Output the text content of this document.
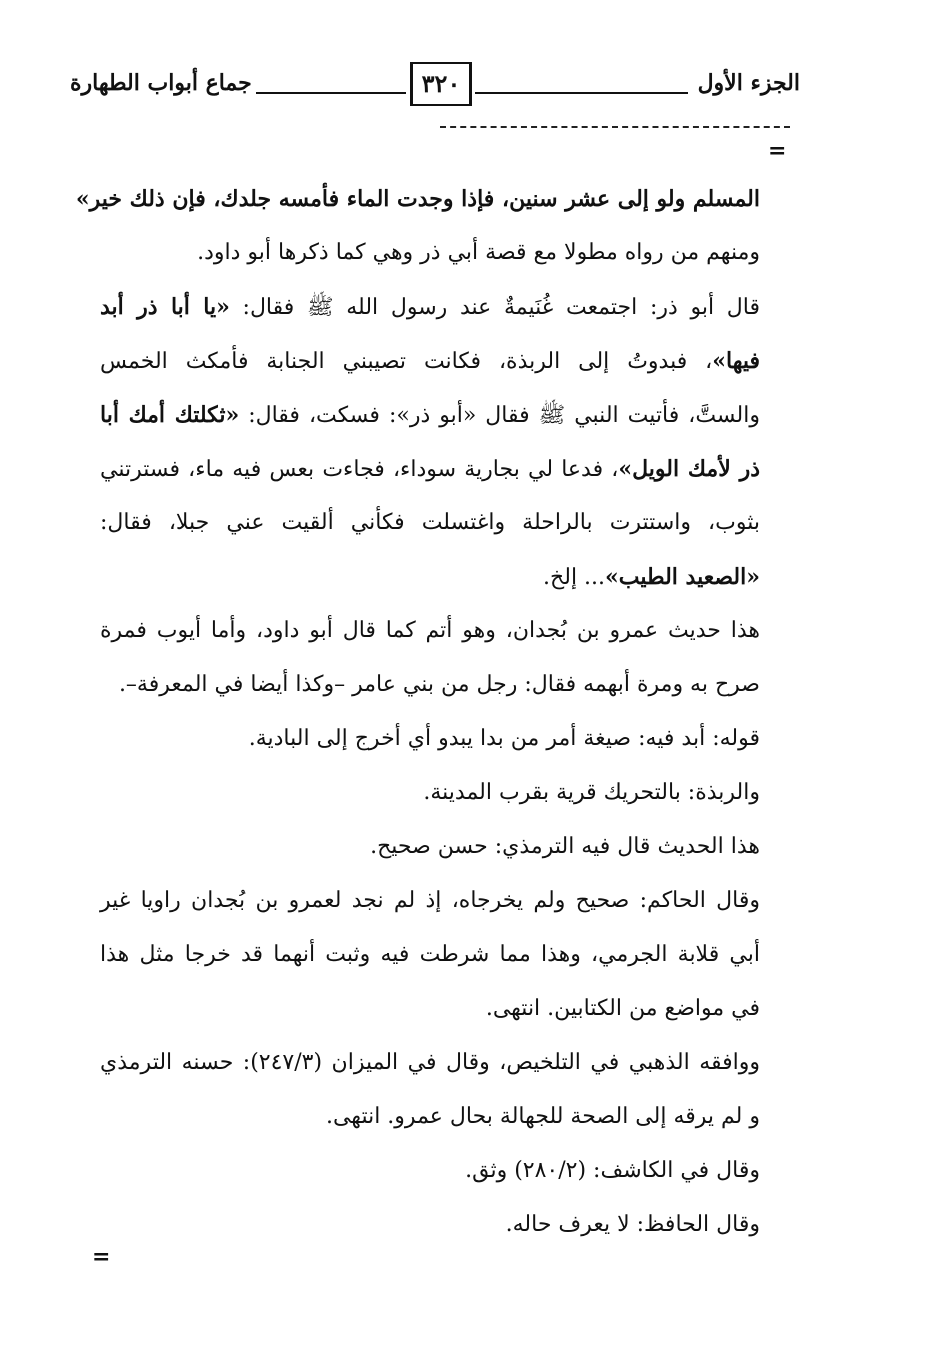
الجزء الأول
٣٢٠
جماع أبواب الطهارة
=
المسلم ولو إلى عشر سنين، فإذا وجدت الماء فأمسه جلدك، فإن ذلك خير»
ومنهم من رواه مطولا مع قصة أبي ذر وهي كما ذكرها أبو داود.
قال أبو ذر: اجتمعت غُنَيمةٌ عند رسول الله ﷺ فقال: «يا أبا ذر أبد
فيها»، فبدوتُ إلى الربذة، فكانت تصيبني الجنابة فأمكث الخمس
والستَّ، فأتيت النبي ﷺ فقال «أبو ذر»: فسكت، فقال: «ثكلتك أمك أبا
ذر لأمك الويل»، فدعا لي بجارية سوداء، فجاءت بعس فيه ماء، فسترتني
بثوب، واستترت بالراحلة واغتسلت فكأني ألقيت عني جبلا، فقال:
«الصعيد الطيب»... إلخ.
هذا حديث عمرو بن بُجدان، وهو أتم كما قال أبو داود، وأما أيوب فمرة
صرح به ومرة أبهمه فقال: رجل من بني عامر –وكذا أيضا في المعرفة–.
قوله: أبد فيه: صيغة أمر من بدا يبدو أي أخرج إلى البادية.
والربذة: بالتحريك قرية بقرب المدينة.
هذا الحديث قال فيه الترمذي: حسن صحيح.
وقال الحاكم: صحيح ولم يخرجاه، إذ لم نجد لعمرو بن بُجدان راويا غير
أبي قلابة الجرمي، وهذا مما شرطت فيه وثبت أنهما قد خرجا مثل هذا
في مواضع من الكتابين. انتهى.
ووافقه الذهبي في التلخيص، وقال في الميزان (٢٤٧/٣): حسنه الترمذي
و لم يرقه إلى الصحة للجهالة بحال عمرو. انتهى.
وقال في الكاشف: (٢٨٠/٢) وثق.
وقال الحافظ: لا يعرف حاله.
=
